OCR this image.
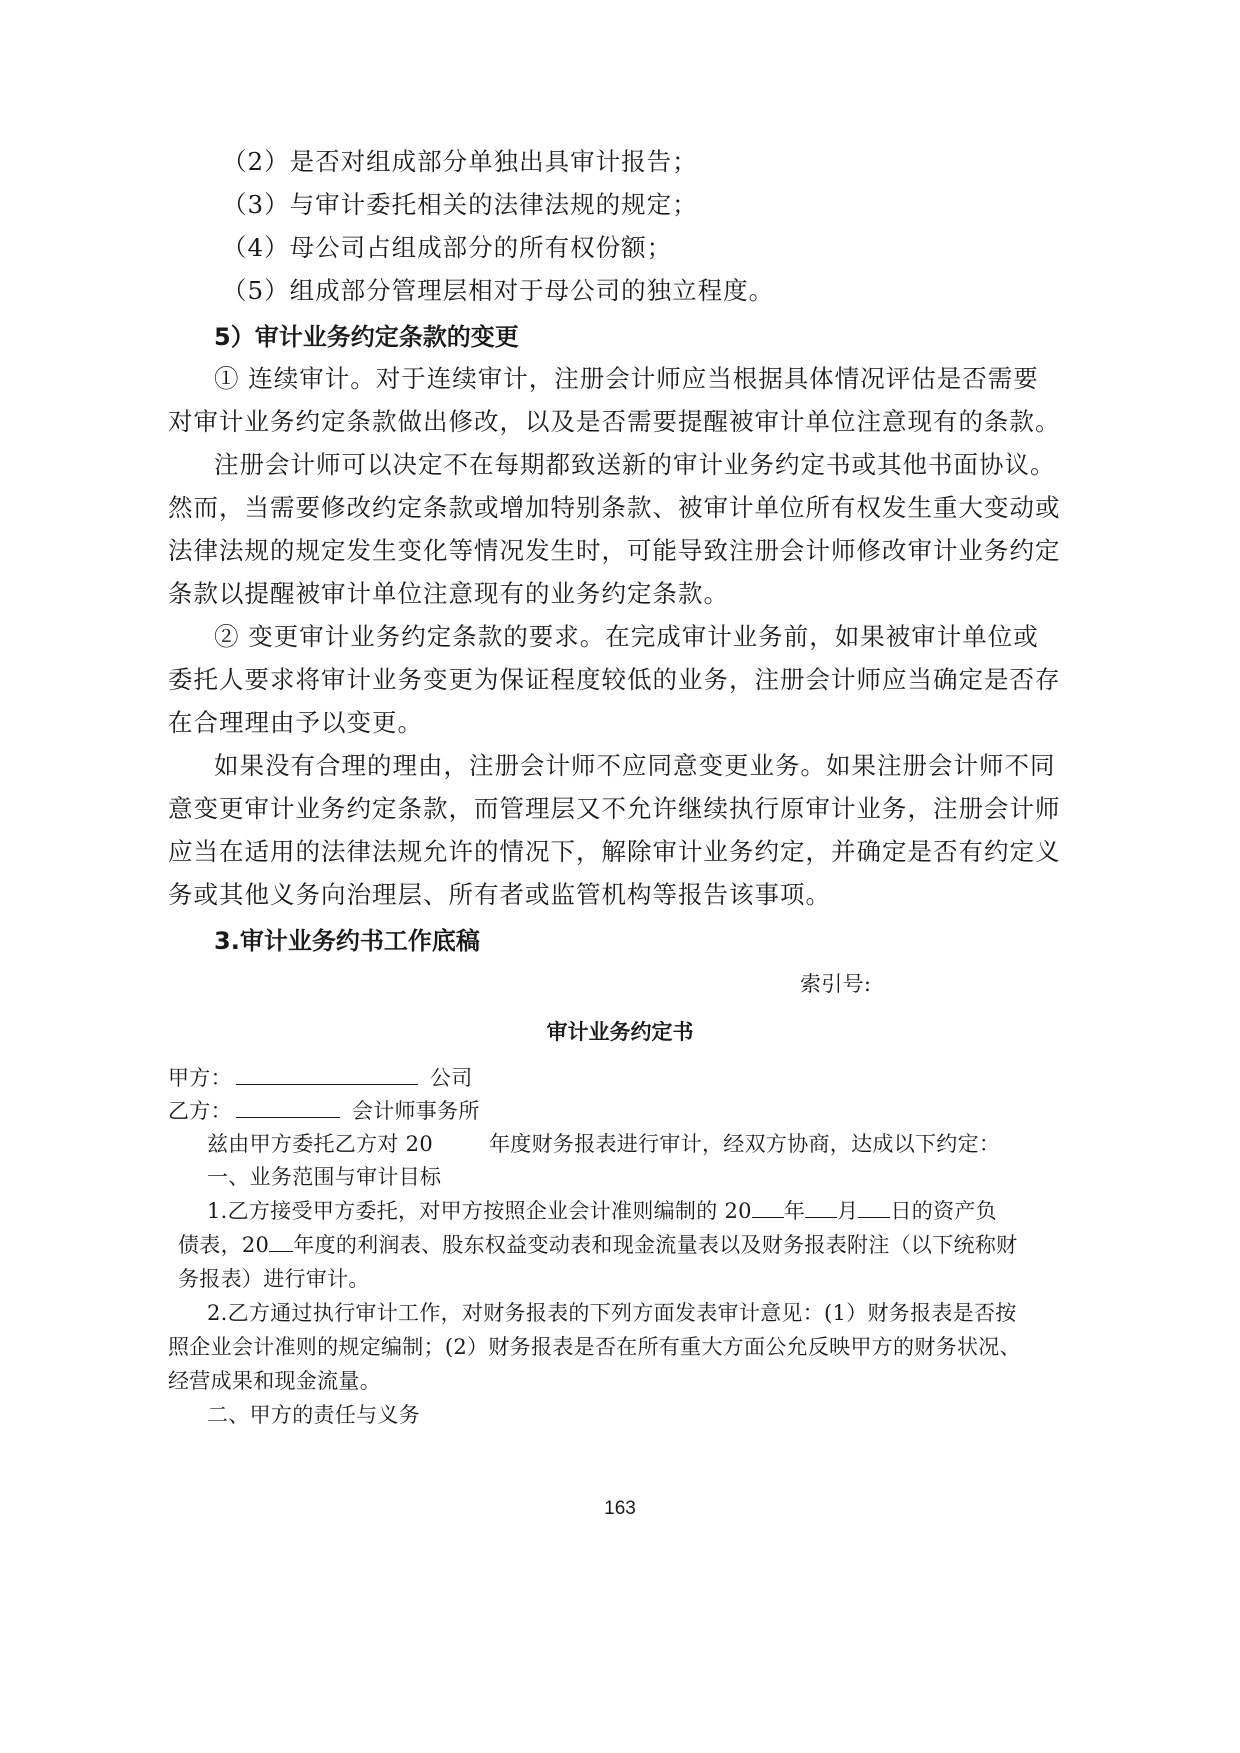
（2）是否对组成部分单独出具审计报告；

（3）与审计委托相关的法律法规的规定；

（4）母公司占组成部分的所有权份额；

（5）组成部分管理层相对于母公司的独立程度。

5）审计业务约定条款的变更

① 连续审计。对于连续审计，注册会计师应当根据具体情况评估是否需要

对审计业务约定条款做出修改，以及是否需要提醒被审计单位注意现有的条款。

注册会计师可以决定不在每期都致送新的审计业务约定书或其他书面协议。

然而，当需要修改约定条款或增加特别条款、被审计单位所有权发生重大变动或

法律法规的规定发生变化等情况发生时，可能导致注册会计师修改审计业务约定

条款以提醒被审计单位注意现有的业务约定条款。

② 变更审计业务约定条款的要求。在完成审计业务前，如果被审计单位或

委托人要求将审计业务变更为保证程度较低的业务，注册会计师应当确定是否存

在合理理由予以变更。

如果没有合理的理由，注册会计师不应同意变更业务。如果注册会计师不同

意变更审计业务约定条款，而管理层又不允许继续执行原审计业务，注册会计师

应当在适用的法律法规允许的情况下，解除审计业务约定，并确定是否有约定义

务或其他义务向治理层、所有者或监管机构等报告该事项。

3.审计业务约书工作底稿

索引号:

审计业务约定书

甲方：	公司

乙方：	会计师事务所

兹由甲方委托乙方对 20	年度财务报表进行审计，经双方协商，达成以下约定：

一、业务范围与审计目标

1.乙方接受甲方委托，对甲方按照企业会计准则编制的 20 年 月 日的资产负

债表，20 年度的利润表、股东权益变动表和现金流量表以及财务报表附注（以下统称财

务报表）进行审计。

2.乙方通过执行审计工作，对财务报表的下列方面发表审计意见：(1）财务报表是否按

照企业会计准则的规定编制；(2）财务报表是否在所有重大方面公允反映甲方的财务状况、

经营成果和现金流量。

二、甲方的责任与义务

163
